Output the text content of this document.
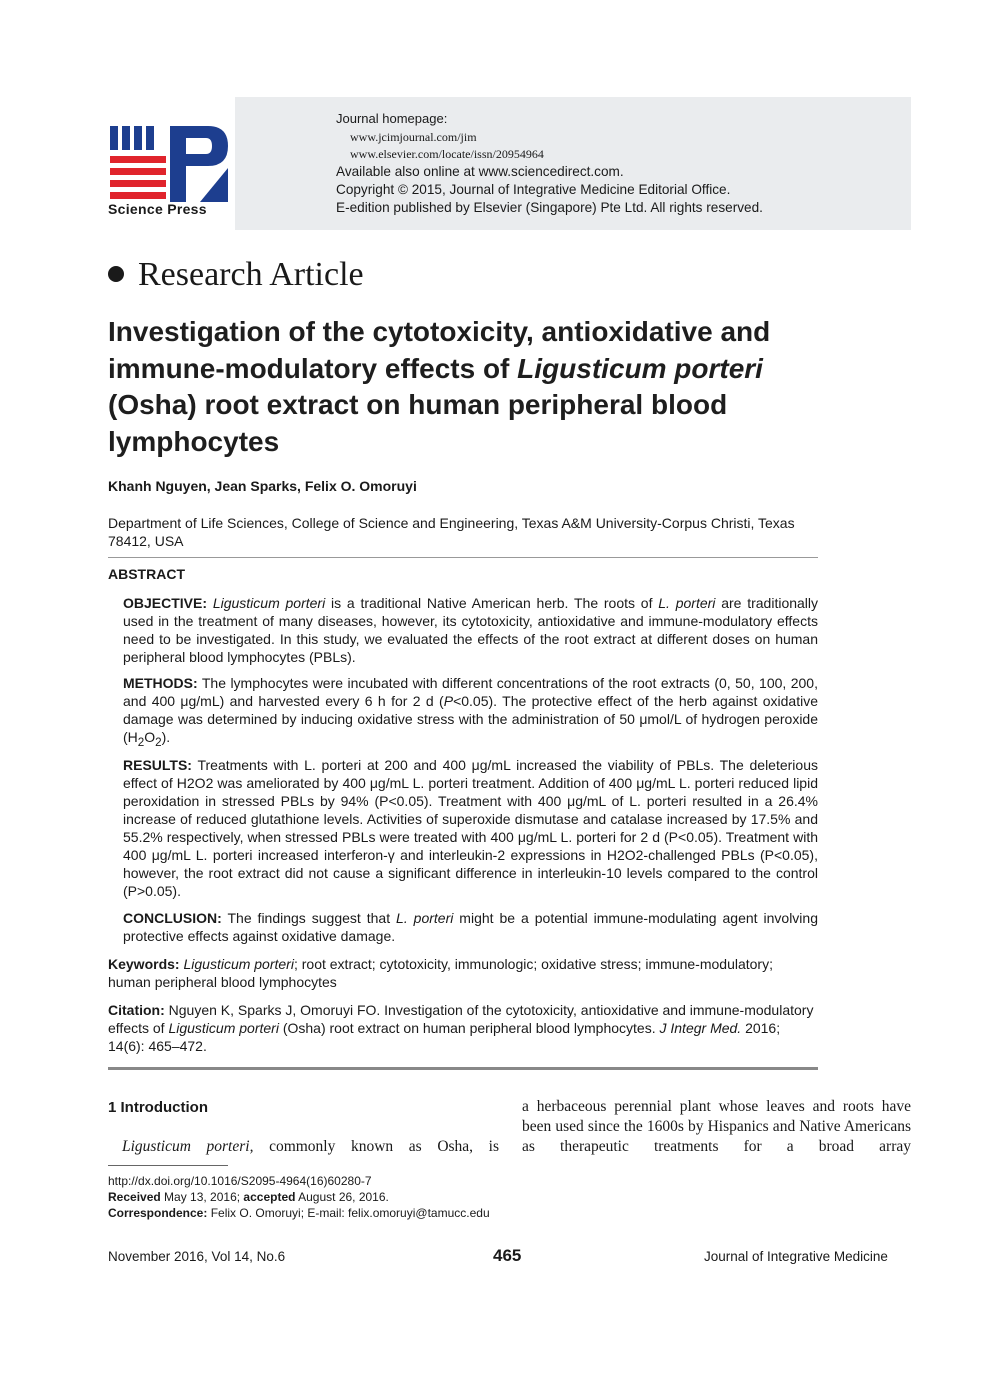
Science Press
Journal homepage:
www.jcimjournal.com/jim
www.elsevier.com/locate/issn/20954964
Available also online at www.sciencedirect.com.
Copyright © 2015, Journal of Integrative Medicine Editorial Office.
E-edition published by Elsevier (Singapore) Pte Ltd. All rights reserved.
Research Article
Investigation of the cytotoxicity, antioxidative and immune-modulatory effects of Ligusticum porteri (Osha) root extract on human peripheral blood lymphocytes
Khanh Nguyen, Jean Sparks, Felix O. Omoruyi
Department of Life Sciences, College of Science and Engineering, Texas A&M University-Corpus Christi, Texas 78412, USA
ABSTRACT
OBJECTIVE: Ligusticum porteri is a traditional Native American herb. The roots of L. porteri are traditionally used in the treatment of many diseases, however, its cytotoxicity, antioxidative and immune-modulatory effects need to be investigated. In this study, we evaluated the effects of the root extract at different doses on human peripheral blood lymphocytes (PBLs).
METHODS: The lymphocytes were incubated with different concentrations of the root extracts (0, 50, 100, 200, and 400 μg/mL) and harvested every 6 h for 2 d (P<0.05). The protective effect of the herb against oxidative damage was determined by inducing oxidative stress with the administration of 50 μmol/L of hydrogen peroxide $(H_2O_2)$.
RESULTS: Treatments with L. porteri at 200 and 400 μg/mL increased the viability of PBLs. The deleterious effect of H2O2 was ameliorated by 400 μg/mL L. porteri treatment. Addition of 400 μg/mL L. porteri reduced lipid peroxidation in stressed PBLs by 94% (P<0.05). Treatment with 400 μg/mL of L. porteri resulted in a 26.4% increase of reduced glutathione levels. Activities of superoxide dismutase and catalase increased by 17.5% and 55.2% respectively, when stressed PBLs were treated with 400 μg/mL L. porteri for 2 d (P<0.05). Treatment with 400 μg/mL L. porteri increased interferon-γ and interleukin-2 expressions in H2O2-challenged PBLs (P<0.05), however, the root extract did not cause a significant difference in interleukin-10 levels compared to the control (P>0.05).
CONCLUSION: The findings suggest that L. porteri might be a potential immune-modulating agent involving protective effects against oxidative damage.
Keywords: Ligusticum porteri; root extract; cytotoxicity, immunologic; oxidative stress; immune-modulatory; human peripheral blood lymphocytes
Citation: Nguyen K, Sparks J, Omoruyi FO. Investigation of the cytotoxicity, antioxidative and immune-modulatory effects of Ligusticum porteri (Osha) root extract on human peripheral blood lymphocytes. J Integr Med. 2016; 14(6): 465–472.
1 Introduction
Ligusticum porteri, commonly known as Osha, is
a herbaceous perennial plant whose leaves and roots have been used since the 1600s by Hispanics and Native Americans as therapeutic treatments for a broad array
http://dx.doi.org/10.1016/S2095-4964(16)60280-7
Received May 13, 2016; accepted August 26, 2016.
Correspondence: Felix O. Omoruyi; E-mail: felix.omoruyi@tamucc.edu
November 2016, Vol 14, No.6	465	Journal of Integrative Medicine
